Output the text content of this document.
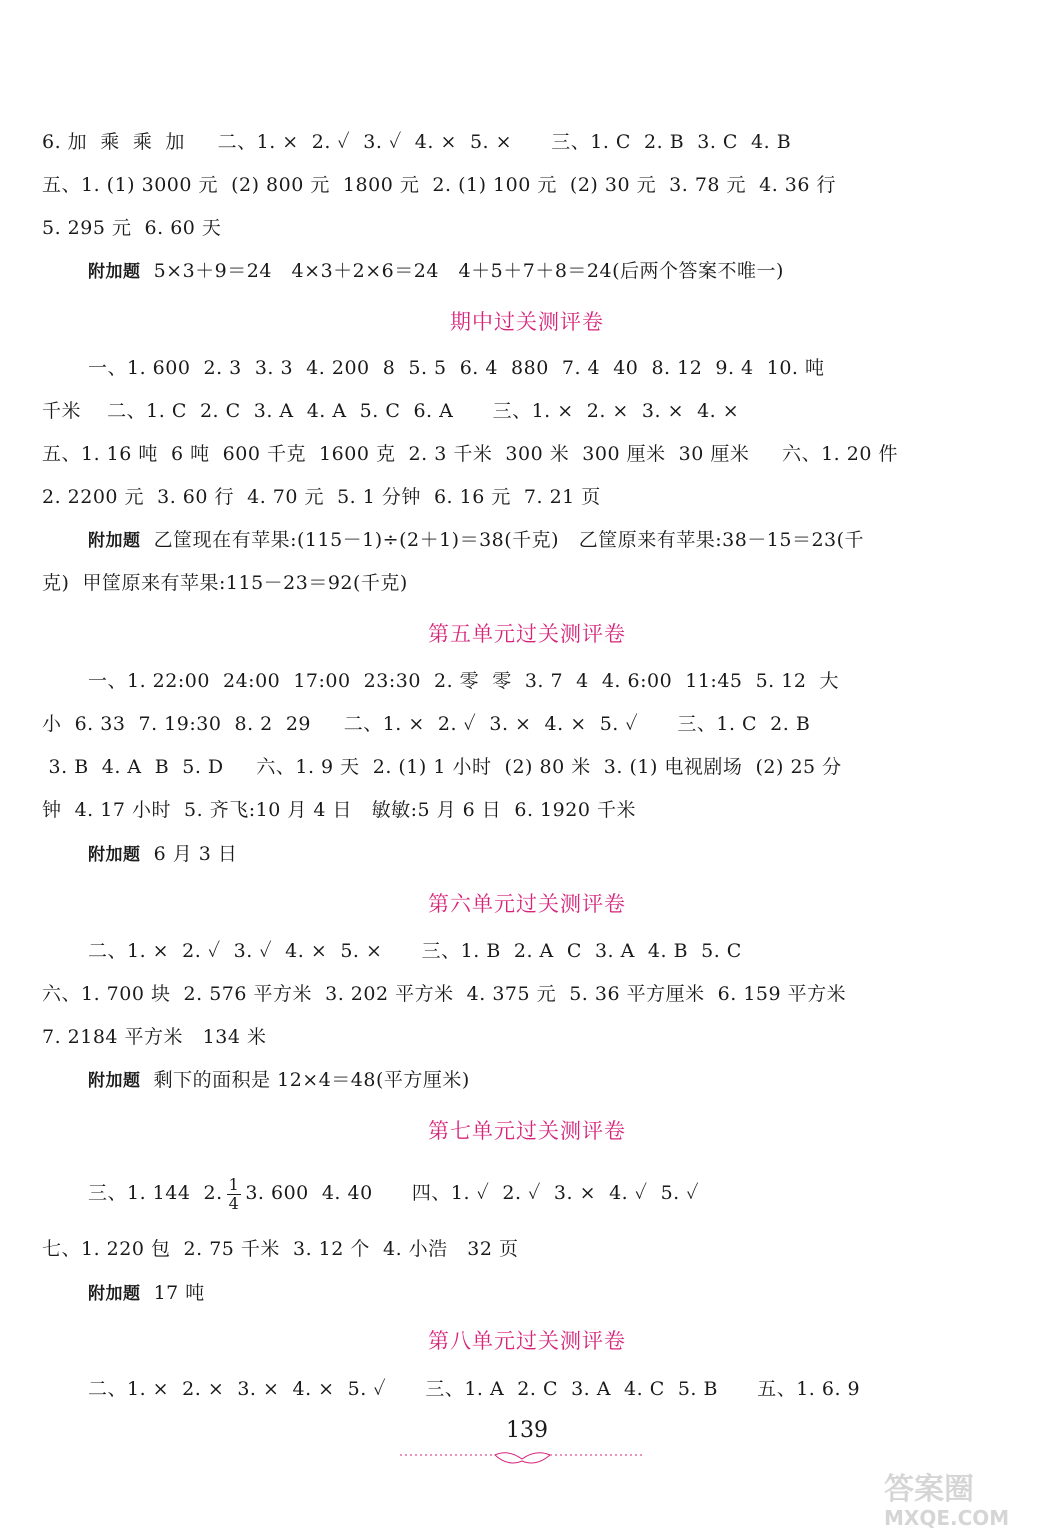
6. 加  乘  乘  加     二、1. ×  2. ✓  3. ✓  4. ×  5. ×      三、1. C  2. B  3. C  4. B
五、1. (1) 3000 元  (2) 800 元  1800 元  2. (1) 100 元  (2) 30 元  3. 78 元  4. 36 行
5. 295 元  6. 60 天
附加题  5×3＋9＝24   4×3＋2×6＝24   4＋5＋7＋8＝24(后两个答案不唯一)
期中过关测评卷
一、1. 600  2. 3  3. 3  4. 200  8  5. 5  6. 4  880  7. 4  40  8. 12  9. 4  10. 吨
千米    二、1. C  2. C  3. A  4. A  5. C  6. A      三、1. ×  2. ×  3. ×  4. ×
五、1. 16 吨  6 吨  600 千克  1600 克  2. 3 千米  300 米  300 厘米  30 厘米     六、1. 20 件
2. 2200 元  3. 60 行  4. 70 元  5. 1 分钟  6. 16 元  7. 21 页
附加题  乙筐现在有苹果:(115－1)÷(2＋1)＝38(千克)   乙筐原来有苹果:38－15＝23(千
克)  甲筐原来有苹果:115－23＝92(千克)
第五单元过关测评卷
一、1. 22:00  24:00  17:00  23:30  2. 零  零  3. 7  4  4. 6:00  11:45  5. 12  大
小  6. 33  7. 19:30  8. 2  29     二、1. ×  2. ✓  3. ×  4. ×  5. ✓      三、1. C  2. B
3. B  4. A  B  5. D     六、1. 9 天  2. (1) 1 小时  (2) 80 米  3. (1) 电视剧场  (2) 25 分
钟  4. 17 小时  5. 齐飞:10 月 4 日   敏敏:5 月 6 日  6. 1920 千米
附加题  6 月 3 日
第六单元过关测评卷
二、1. ×  2. ✓  3. ✓  4. ×  5. ×      三、1. B  2. A  C  3. A  4. B  5. C
六、1. 700 块  2. 576 平方米  3. 202 平方米  4. 375 元  5. 36 平方厘米  6. 159 平方米
7. 2184 平方米   134 米
附加题  剩下的面积是 12×4＝48(平方厘米)
第七单元过关测评卷
三、1. 144  2. $\frac{1}{4} 3$. 600  4. 40      四、1. ✓  2. ✓  3. ×  4. ✓  5. ✓
七、1. 220 包  2. 75 千米  3. 12 个  4. 小浩   32 页
附加题  17 吨
第八单元过关测评卷
二、1. ×  2. ×  3. ×  4. ×  5. ✓      三、1. A  2. C  3. A  4. C  5. B      五、1. 6. 9
139
答案圈
MXQE.COM
